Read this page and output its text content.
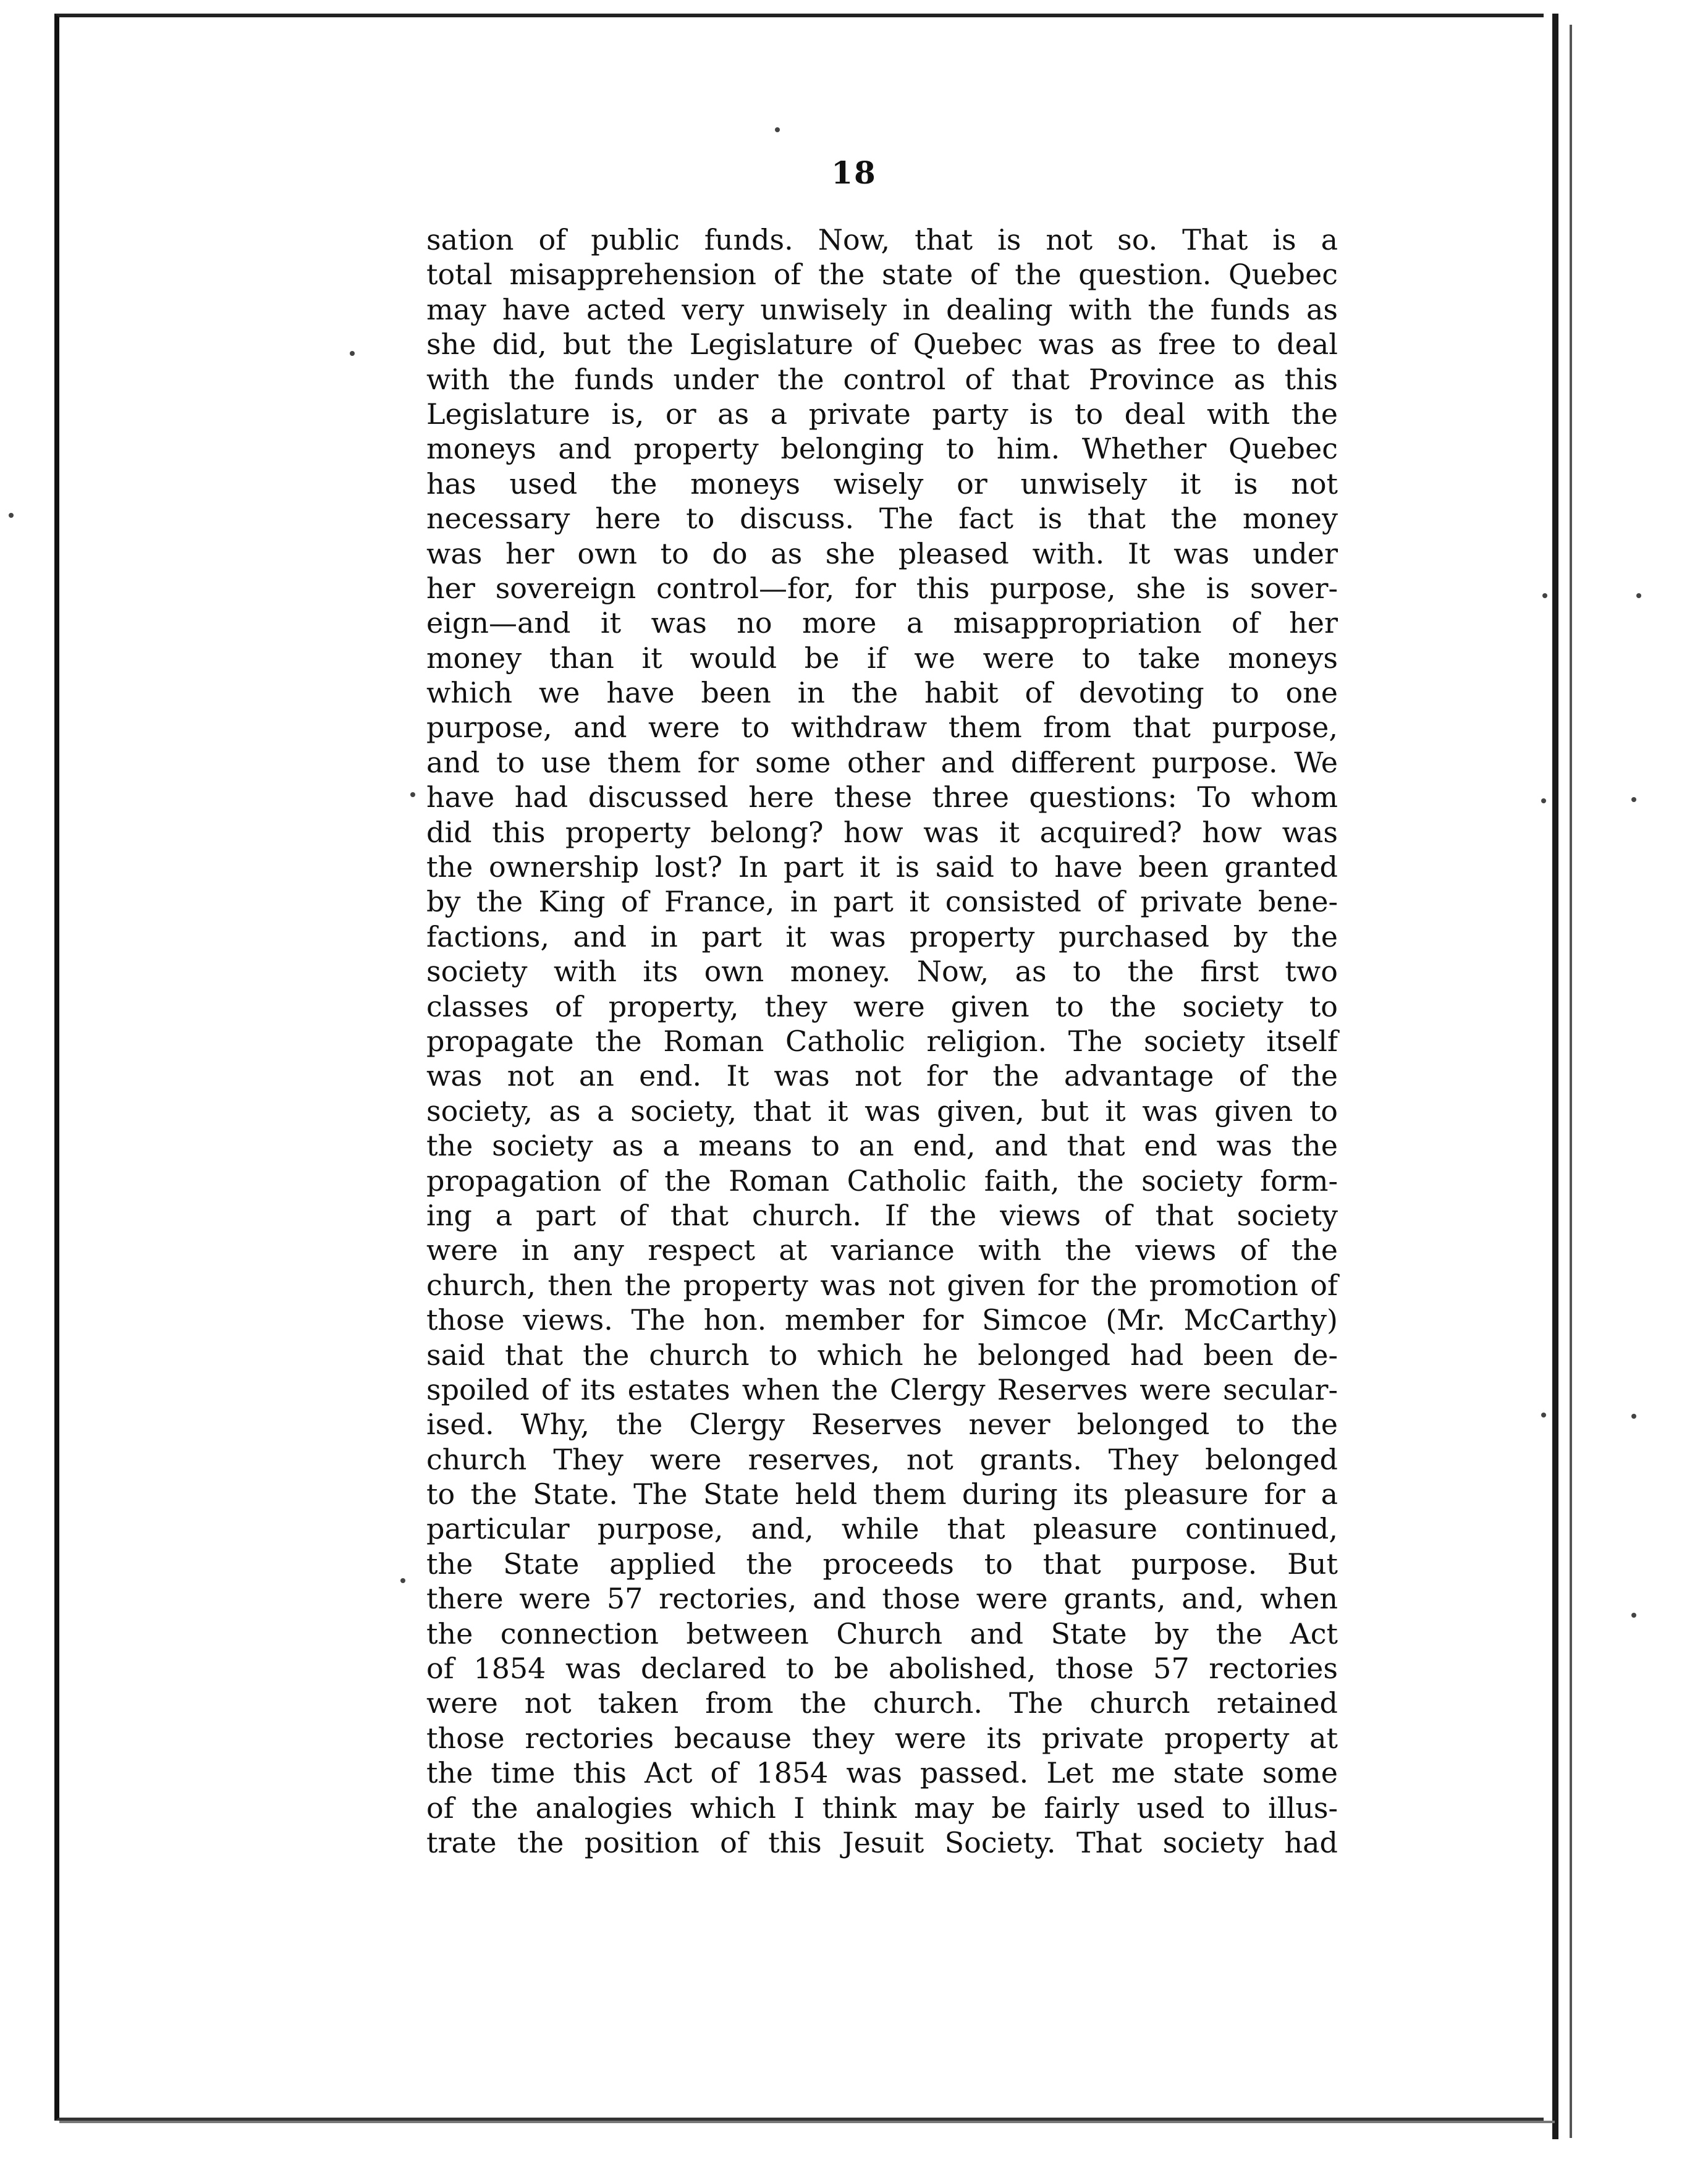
18
sation of public funds. Now, that is not so. That is a
total misapprehension of the state of the question. Quebec
may have acted very unwisely in dealing with the funds as
she did, but the Legislature of Quebec was as free to deal
with the funds under the control of that Province as this
Legislature is, or as a private party is to deal with the
moneys and property belonging to him. Whether Quebec
has used the moneys wisely or unwisely it is not
necessary here to discuss. The fact is that the money
was her own to do as she pleased with. It was under
her sovereign control—for, for this purpose, she is sover-
eign—and it was no more a misappropriation of her
money than it would be if we were to take moneys
which we have been in the habit of devoting to one
purpose, and were to withdraw them from that purpose,
and to use them for some other and different purpose. We
have had discussed here these three questions: To whom
did this property belong? how was it acquired? how was
the ownership lost? In part it is said to have been granted
by the King of France, in part it consisted of private bene-
factions, and in part it was property purchased by the
society with its own money. Now, as to the first two
classes of property, they were given to the society to
propagate the Roman Catholic religion. The society itself
was not an end. It was not for the advantage of the
society, as a society, that it was given, but it was given to
the society as a means to an end, and that end was the
propagation of the Roman Catholic faith, the society form-
ing a part of that church. If the views of that society
were in any respect at variance with the views of the
church, then the property was not given for the promotion of
those views. The hon. member for Simcoe (Mr. McCarthy)
said that the church to which he belonged had been de-
spoiled of its estates when the Clergy Reserves were secular-
ised. Why, the Clergy Reserves never belonged to the
church They were reserves, not grants. They belonged
to the State. The State held them during its pleasure for a
particular purpose, and, while that pleasure continued,
the State applied the proceeds to that purpose. But
there were 57 rectories, and those were grants, and, when
the connection between Church and State by the Act
of 1854 was declared to be abolished, those 57 rectories
were not taken from the church. The church retained
those rectories because they were its private property at
the time this Act of 1854 was passed. Let me state some
of the analogies which I think may be fairly used to illus-
trate the position of this Jesuit Society. That society had
